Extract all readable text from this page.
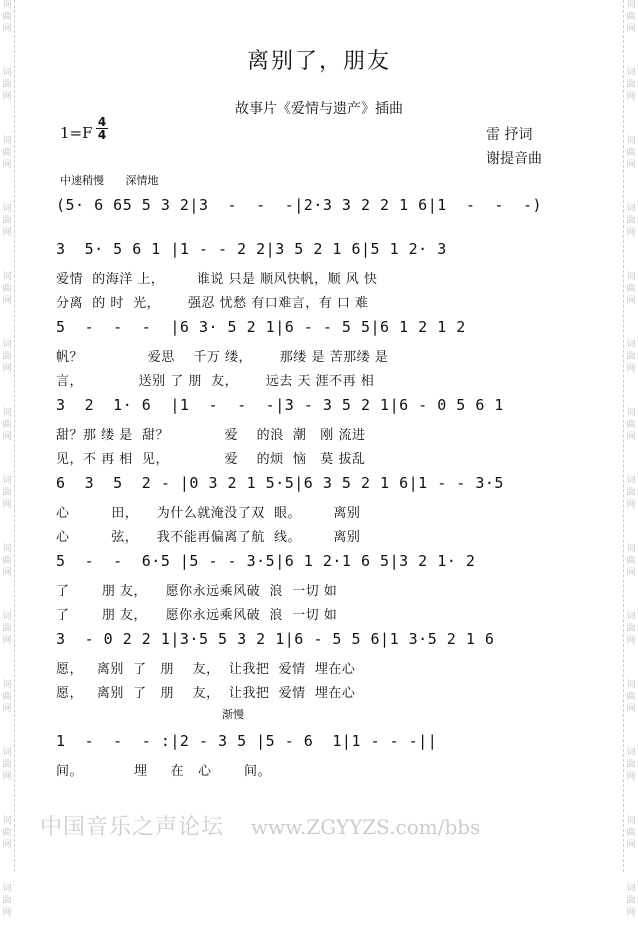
词
曲
网
词
曲
网
词
曲
网
词
曲
网
词
曲
网
词
曲
网
词
曲
网
词
曲
网
词
曲
网
词
曲
网
词
曲
网
词
曲
网
词
曲
网
词
曲
网
词
曲
网
词
曲
网
词
曲
网
词
曲
网
词
曲
网
词
曲
网
词
曲
网
词
曲
网
词
曲
网
词
曲
网
词
曲
网
词
曲
网
词
曲
网
词
曲
网
离别了，朋友
故事片《爱情与遗产》插曲
1=F
4
4	雷 抒词
谢提音曲
中速稍慢 深情地
(5· 6 65 5 3 2|3  -  -  -|2·3 3 2 2 1 6|1  -  -  -)
3  5· 5 6 1 |1 - - 2 2|3 5 2 1 6|5 1 2· 3
爱情  的海洋 上，       谁说 只是 顺风快帆，顺 风 快
分离  的 时  光，      强忍 忧愁 有口难言，有 口 难
5  -  -  -  |6 3· 5 2 1|6 - - 5 5|6 1 2 1 2
帆？              爱思    千万 缕，      那缕 是 苦那缕 是
言，            送别 了 朋  友，      远去 天 涯不再 相
3  2  1· 6  |1  -  -  -|3 - 3 5 2 1|6 - 0 5 6 1
甜？那 缕 是  甜？            爱    的浪  潮   刚 流进
见，不 再 相  见，            爱    的烦  恼   莫 拔乱
6  3  5  2 - |0 3 2 1 5·5|6 3 5 2 1 6|1 - - 3·5
心         田，    为什么就淹没了双  眼。       离别
心         弦，    我不能再偏离了航  线。       离别
5  -  -  6·5 |5 - - 3·5|6 1 2·1 6 5|3 2 1· 2
了       朋 友，    愿你永远乘风破  浪  一切 如
了       朋 友，    愿你永远乘风破  浪  一切 如
3  - 0 2 2 1|3·5 5 3 2 1|6 - 5 5 6|1 3·5 2 1 6
愿，   离别  了   朋    友，  让我把  爱情  埋在心
愿，   离别  了   朋    友，  让我把  爱情  埋在心
1  -  -  - :|2 - 3 5 |5 - 6  1|1 - - -||
间。           埋     在   心       间。
渐慢
中国音乐之声论坛 www.ZGYYZS.com/bbs
